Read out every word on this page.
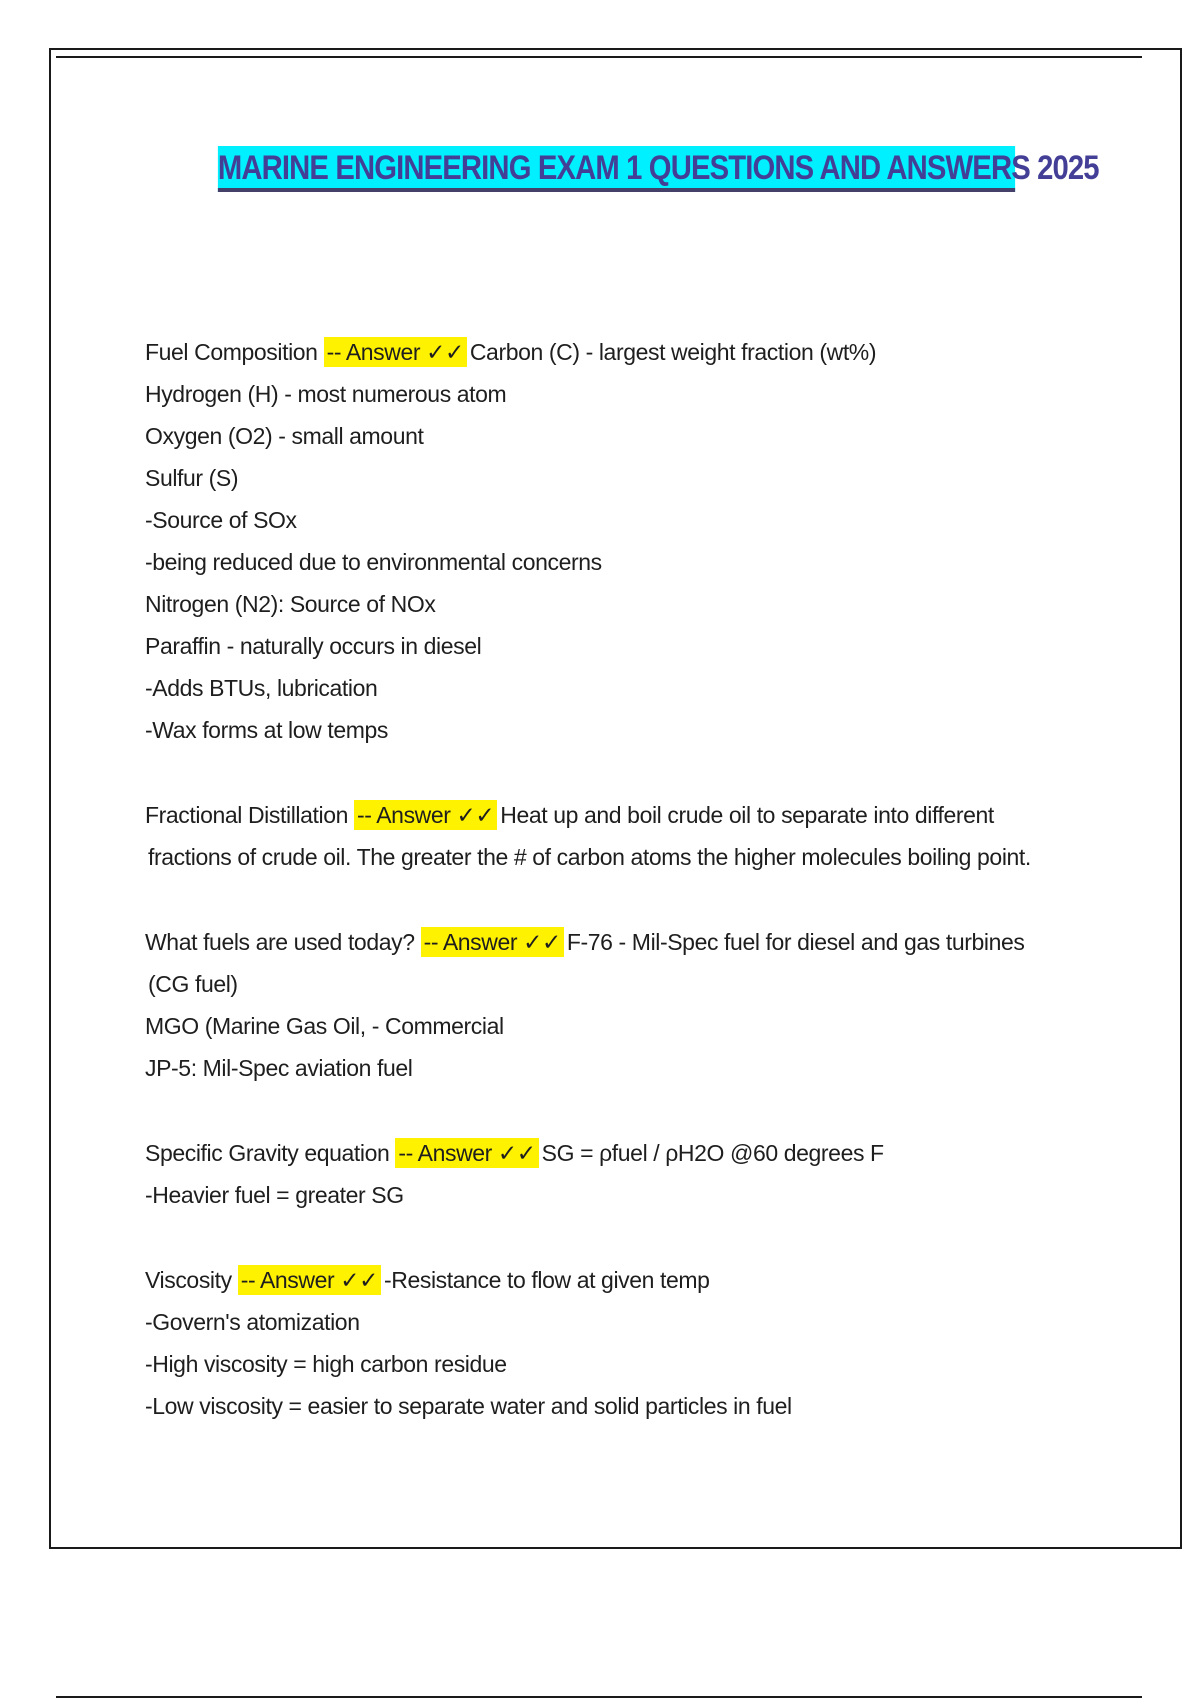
MARINE ENGINEERING EXAM 1 QUESTIONS AND ANSWERS 2025
Fuel Composition -- Answer ✓✓ Carbon (C) - largest weight fraction (wt%)
Hydrogen (H) - most numerous atom
Oxygen (O2) - small amount
Sulfur (S)
-Source of SOx
-being reduced due to environmental concerns
Nitrogen (N2): Source of NOx
Paraffin - naturally occurs in diesel
-Adds BTUs, lubrication
-Wax forms at low temps
Fractional Distillation -- Answer ✓✓ Heat up and boil crude oil to separate into different
fractions of crude oil. The greater the # of carbon atoms the higher molecules boiling point.
What fuels are used today? -- Answer ✓✓ F-76 - Mil-Spec fuel for diesel and gas turbines
(CG fuel)
MGO (Marine Gas Oil, - Commercial
JP-5: Mil-Spec aviation fuel
Specific Gravity equation -- Answer ✓✓ SG = ρfuel / ρH2O @60 degrees F
-Heavier fuel = greater SG
Viscosity -- Answer ✓✓ -Resistance to flow at given temp
-Govern's atomization
-High viscosity = high carbon residue
-Low viscosity = easier to separate water and solid particles in fuel
